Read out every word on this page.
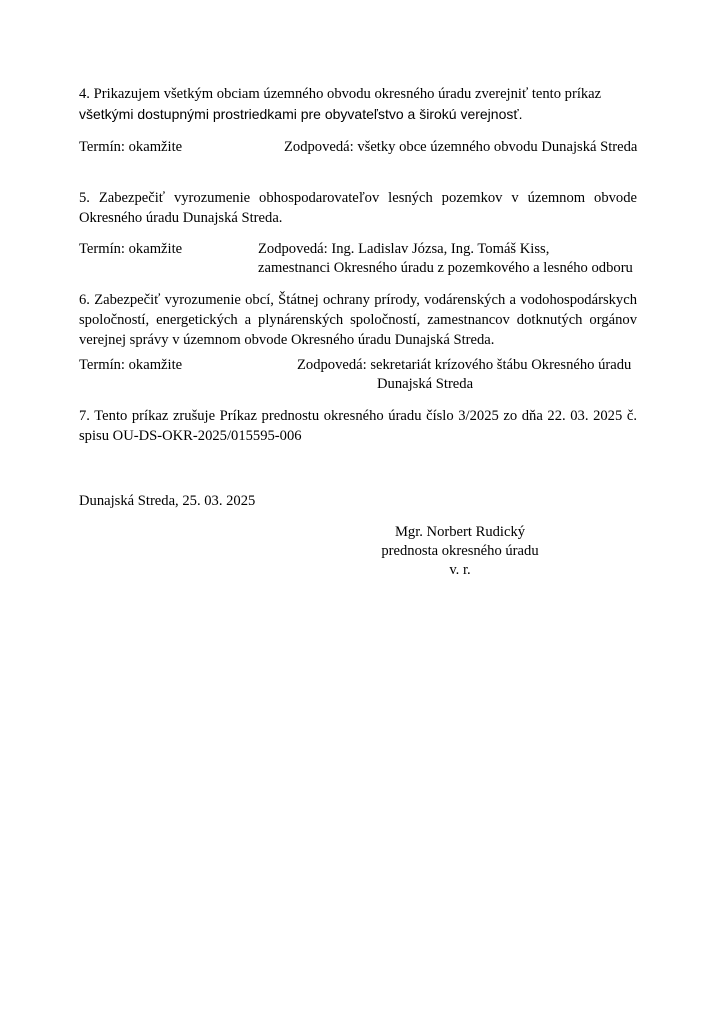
4. Prikazujem všetkým obciam územného obvodu okresného úradu zverejniť tento príkaz
všetkými dostupnými prostriedkami pre obyvateľstvo a širokú verejnosť.
Termín: okamžite	Zodpovedá: všetky obce územného obvodu Dunajská Streda
5. Zabezpečiť vyrozumenie obhospodarovateľov lesných pozemkov v územnom obvode Okresného úradu Dunajská Streda.
Termín: okamžite	Zodpovedá: Ing. Ladislav Józsa, Ing. Tomáš Kiss,
zamestnanci Okresného úradu z pozemkového a lesného odboru
6. Zabezpečiť vyrozumenie obcí, Štátnej ochrany prírody, vodárenských a vodohospodárskych spoločností, energetických a plynárenských spoločností, zamestnancov dotknutých orgánov verejnej správy v územnom obvode Okresného úradu Dunajská Streda.
Termín: okamžite	Zodpovedá: sekretariát krízového štábu Okresného úradu
Dunajská Streda
7. Tento príkaz zrušuje Príkaz prednostu okresného úradu číslo 3/2025 zo dňa 22. 03. 2025 č. spisu OU-DS-OKR-2025/015595-006
Dunajská Streda, 25. 03. 2025
Mgr. Norbert Rudický
prednosta okresného úradu
v. r.
